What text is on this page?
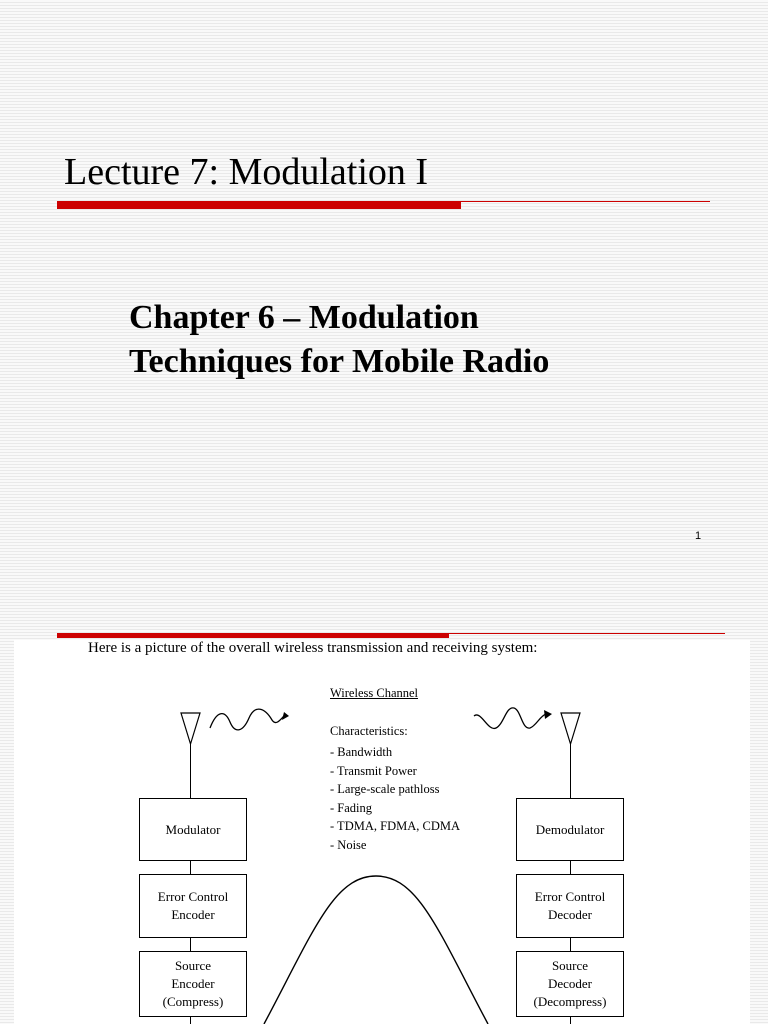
Lecture 7: Modulation I
Chapter 6 – Modulation
Techniques for Mobile Radio
1
Here is a picture of the overall wireless transmission and receiving system:
Wireless Channel
Characteristics:
- Bandwidth
- Transmit Power
- Large-scale pathloss
- Fading
- TDMA, FDMA, CDMA
- Noise
Modulator
Error Control
Encoder
Source
Encoder
(Compress)
Demodulator
Error Control
Decoder
Source
Decoder
(Decompress)
